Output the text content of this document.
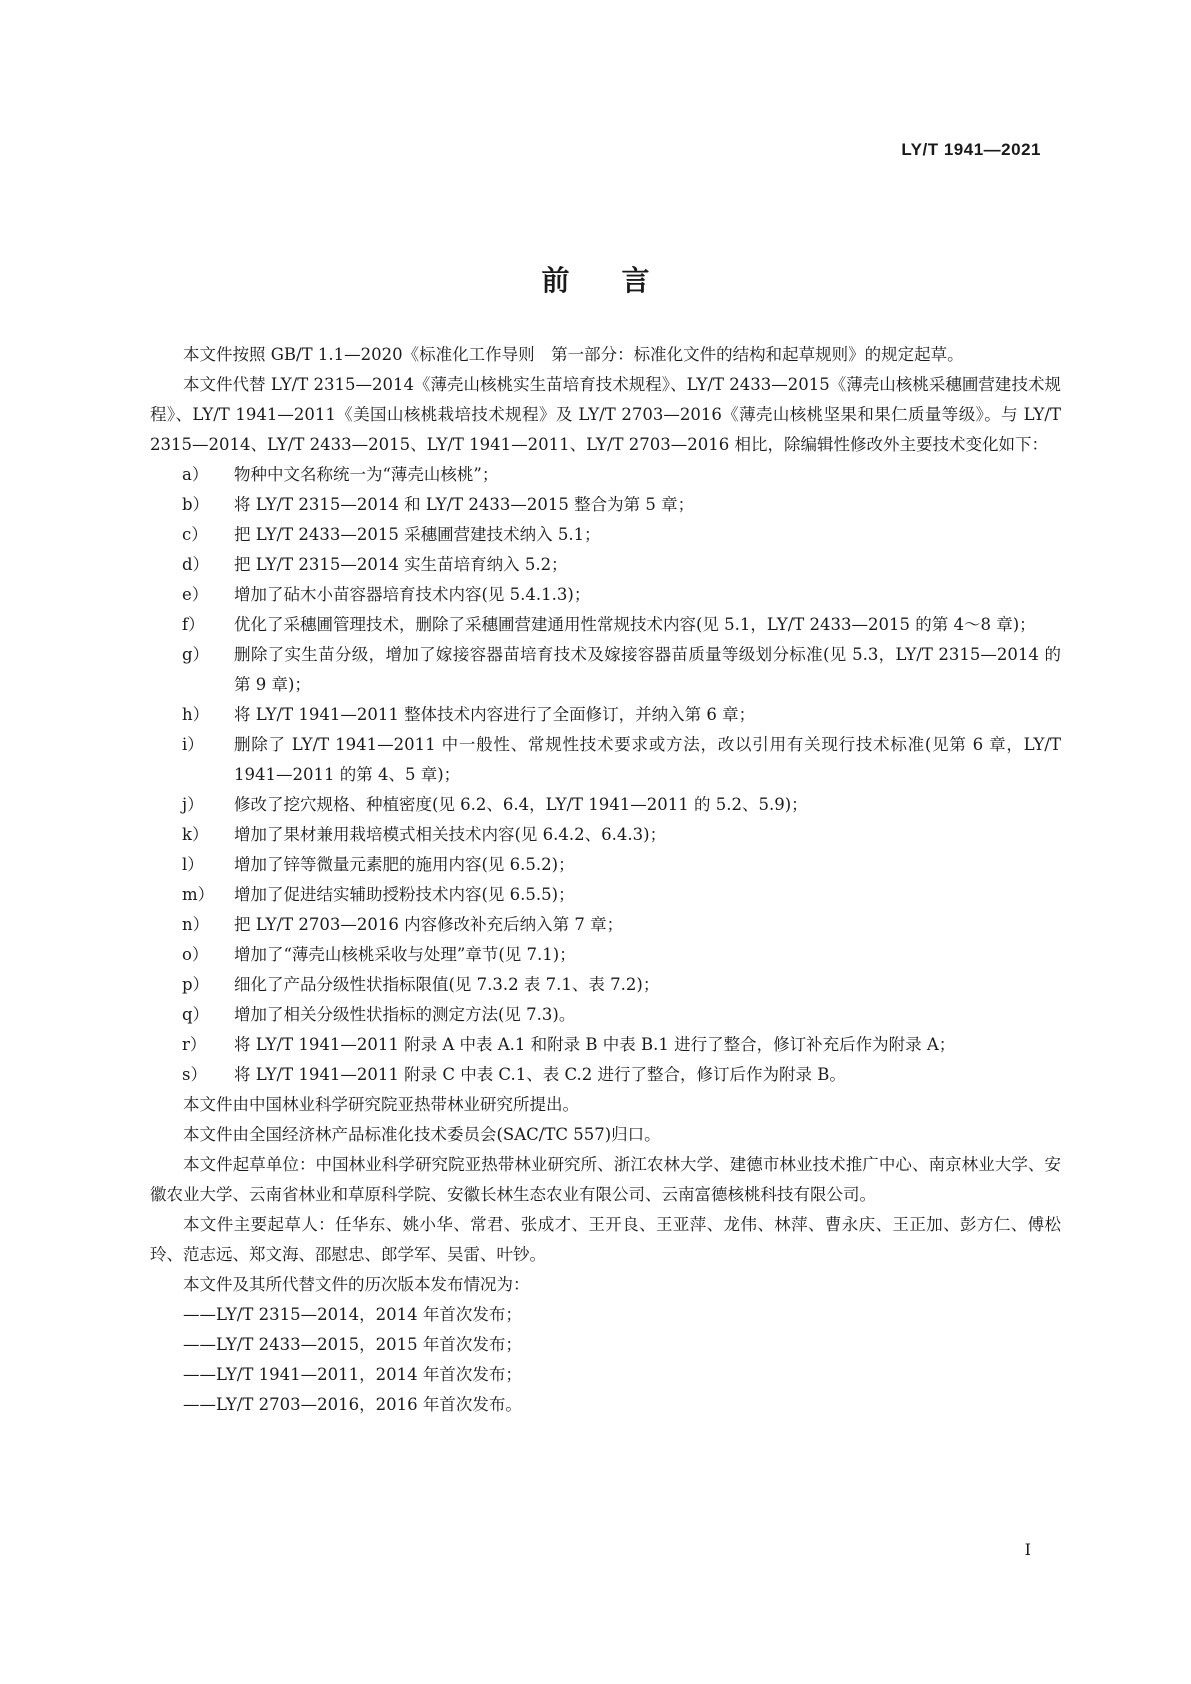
LY/T 1941—2021
前言

本文件按照 GB/T 1.1—2020《标准化工作导则　第一部分：标准化文件的结构和起草规则》的规定起草。

本文件代替 LY/T 2315—2014《薄壳山核桃实生苗培育技术规程》、LY/T 2433—2015《薄壳山核桃采穗圃营建技术规程》、LY/T 1941—2011《美国山核桃栽培技术规程》及 LY/T 2703—2016《薄壳山核桃坚果和果仁质量等级》。与 LY/T 2315—2014、LY/T 2433—2015、LY/T 1941—2011、LY/T 2703—2016 相比，除编辑性修改外主要技术变化如下：

a）	物种中文名称统一为“薄壳山核桃”；
b）	将 LY/T 2315—2014 和 LY/T 2433—2015 整合为第 5 章；
c）	把 LY/T 2433—2015 采穗圃营建技术纳入 5.1；
d）	把 LY/T 2315—2014 实生苗培育纳入 5.2；
e）	增加了砧木小苗容器培育技术内容(见 5.4.1.3)；
f）	优化了采穗圃管理技术，删除了采穗圃营建通用性常规技术内容(见 5.1，LY/T 2433—2015 的第 4～8 章)；
g）	删除了实生苗分级，增加了嫁接容器苗培育技术及嫁接容器苗质量等级划分标准(见 5.3，LY/T 2315—2014 的第 9 章)；
h）	将 LY/T 1941—2011 整体技术内容进行了全面修订，并纳入第 6 章；
i）	删除了 LY/T 1941—2011 中一般性、常规性技术要求或方法，改以引用有关现行技术标准(见第 6 章，LY/T 1941—2011 的第 4、5 章)；
j）	修改了挖穴规格、种植密度(见 6.2、6.4，LY/T 1941—2011 的 5.2、5.9)；
k）	增加了果材兼用栽培模式相关技术内容(见 6.4.2、6.4.3)；
l）	增加了锌等微量元素肥的施用内容(见 6.5.2)；
m）	增加了促进结实辅助授粉技术内容(见 6.5.5)；
n）	把 LY/T 2703—2016 内容修改补充后纳入第 7 章；
o）	增加了“薄壳山核桃采收与处理”章节(见 7.1)；
p）	细化了产品分级性状指标限值(见 7.3.2 表 7.1、表 7.2)；
q）	增加了相关分级性状指标的测定方法(见 7.3)。
r）	将 LY/T 1941—2011 附录 A 中表 A.1 和附录 B 中表 B.1 进行了整合，修订补充后作为附录 A；
s）	将 LY/T 1941—2011 附录 C 中表 C.1、表 C.2 进行了整合，修订后作为附录 B。

本文件由中国林业科学研究院亚热带林业研究所提出。

本文件由全国经济林产品标准化技术委员会(SAC/TC 557)归口。

本文件起草单位：中国林业科学研究院亚热带林业研究所、浙江农林大学、建德市林业技术推广中心、南京林业大学、安徽农业大学、云南省林业和草原科学院、安徽长林生态农业有限公司、云南富德核桃科技有限公司。

本文件主要起草人：任华东、姚小华、常君、张成才、王开良、王亚萍、龙伟、林萍、曹永庆、王正加、彭方仁、傅松玲、范志远、郑文海、邵慰忠、郎学军、吴雷、叶钞。

本文件及其所代替文件的历次版本发布情况为：

——LY/T 2315—2014，2014 年首次发布；

——LY/T 2433—2015，2015 年首次发布；

——LY/T 1941—2011，2014 年首次发布；

——LY/T 2703—2016，2016 年首次发布。

I
